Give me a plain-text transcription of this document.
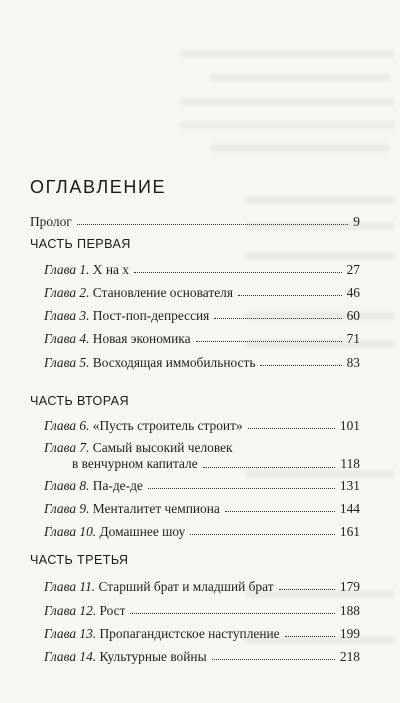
ОГЛАВЛЕНИЕ
Пролог	9
ЧАСТЬ ПЕРВАЯ
Глава 1. Х на х	27
Глава 2. Становление основателя	46
Глава 3. Пост-поп-депрессия	60
Глава 4. Новая экономика	71
Глава 5. Восходящая иммобильность	83
ЧАСТЬ ВТОРАЯ
Глава 6. «Пусть строитель строит»	101
Глава 7. Самый высокий человек
в венчурном капитале	118
Глава 8. Па-де-де	131
Глава 9. Менталитет чемпиона	144
Глава 10. Домашнее шоу	161
ЧАСТЬ ТРЕТЬЯ
Глава 11. Старший брат и младший брат	179
Глава 12. Рост	188
Глава 13. Пропагандистское наступление	199
Глава 14. Культурные войны	218
